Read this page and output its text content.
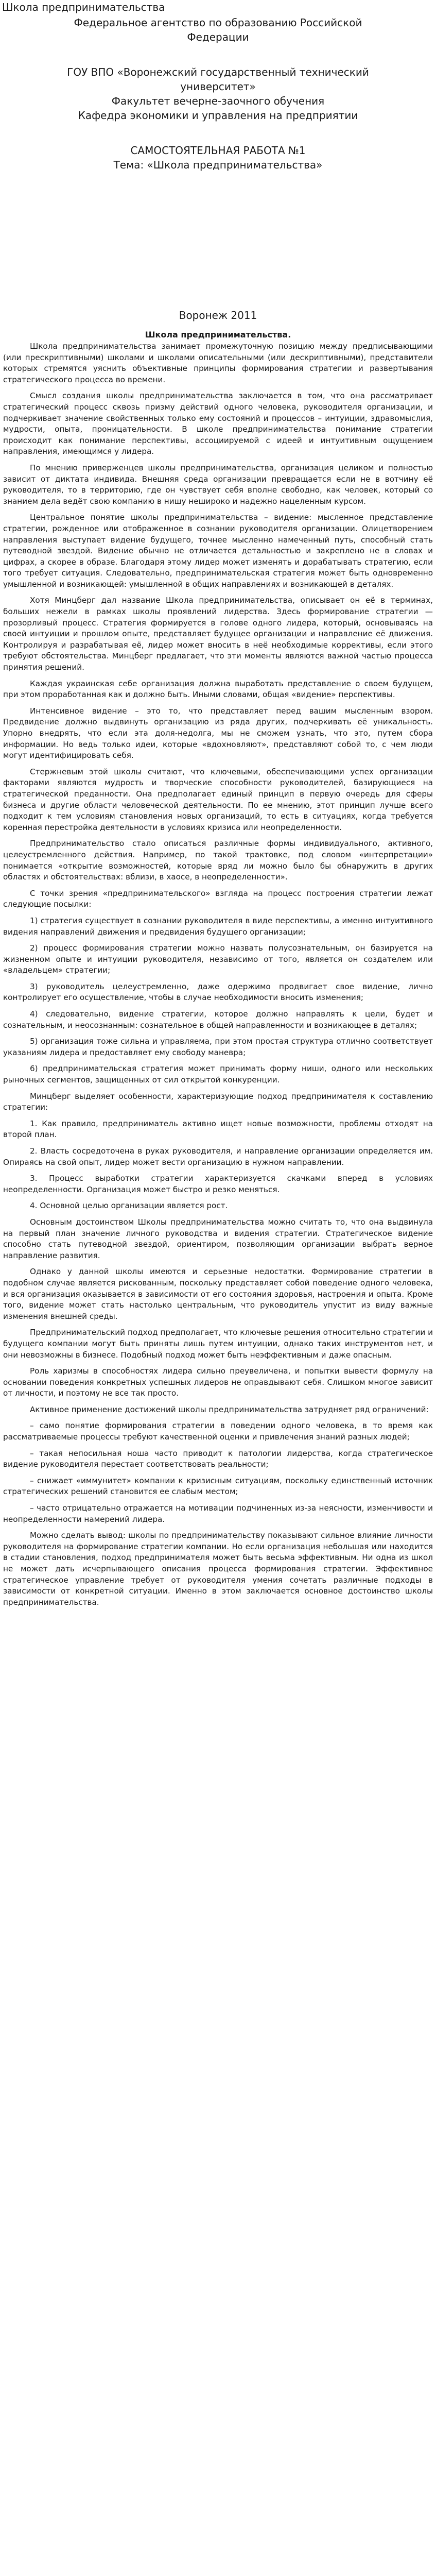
Школа предпринимательства
Федеральное агентство по образованию Российской
Федерации
ГОУ ВПО «Воронежский государственный технический
университет»
Факультет вечерне-заочного обучения
Кафедра экономики и управления на предприятии
САМОСТОЯТЕЛЬНАЯ РАБОТА №1
Тема: «Школа предпринимательства»
Воронеж 2011
Школа предпринимательства.

Школа предпринимательства занимает промежуточную позицию между предписывающими (или прескриптивными) школами и школами описательными (или дескриптивными), представители которых стремятся уяснить объективные принципы формирования стратегии и развертывания стратегического процесса во времени.

Смысл создания школы предпринимательства заключается в том, что она рассматривает стратегический процесс сквозь призму действий одного человека, руководителя организации, и подчеркивает значение свойственных только ему состояний и процессов – интуиции, здравомыслия, мудрости, опыта, проницательности. В школе предпринимательства понимание стратегии происходит как понимание перспективы, ассоциируемой с идеей и интуитивным ощущением направления, имеющимся у лидера.

По мнению приверженцев школы предпринимательства, организация целиком и полностью зависит от диктата индивида. Внешняя среда организации превращается если не в вотчину её руководителя, то в территорию, где он чувствует себя вполне свободно, как человек, который со знанием дела ведёт свою компанию в нишу нешироко и надежно нацеленным курсом.

Центральное понятие школы предпринимательства – видение: мысленное представление стратегии, рожденное или отображенное в сознании руководителя организации. Олицетворением направления выступает видение будущего, точнее мысленно намеченный путь, способный стать путеводной звездой. Видение обычно не отличается детальностью и закреплено не в словах и цифрах, а скорее в образе. Благодаря этому лидер может изменять и дорабатывать стратегию, если того требует ситуация. Следовательно, предпринимательская стратегия может быть одновременно умышленной и возникающей: умышленной в общих направлениях и возникающей в деталях.

Хотя Минцберг дал название Школа предпринимательства, описывает он её в терминах, больших нежели в рамках школы проявлений лидерства. Здесь формирование стратегии — прозорливый процесс. Стратегия формируется в голове одного лидера, который, основываясь на своей интуиции и прошлом опыте, представляет будущее организации и направление её движения. Контролируя и разрабатывая её, лидер может вносить в неё необходимые коррективы, если этого требуют обстоятельства. Минцберг предлагает, что эти моменты являются важной частью процесса принятия решений.

Каждая украинская себе организация должна выработать представление о своем будущем, при этом проработанная как и должно быть. Иными словами, общая «видение» перспективы.

Интенсивное видение – это то, что представляет перед вашим мысленным взором. Предвидение должно выдвинуть организацию из ряда других, подчеркивать её уникальность. Упорно внедрять, что если эта доля-недолга, мы не сможем узнать, что это, путем сбора информации. Но ведь только идеи, которые «вдохновляют», представляют собой то, с чем люди могут идентифицировать себя.

Стержневым этой школы считают, что ключевыми, обеспечивающими успех организации факторами являются мудрость и творческие способности руководителей, базирующиеся на стратегической преданности. Она предполагает единый принцип в первую очередь для сферы бизнеса и другие области человеческой деятельности. По ее мнению, этот принцип лучше всего подходит к тем условиям становления новых организаций, то есть в ситуациях, когда требуется коренная перестройка деятельности в условиях кризиса или неопределенности.

Предпринимательство стало описаться различные формы индивидуального, активного, целеустремленного действия. Например, по такой трактовке, под словом «интерпретации» понимается «открытие возможностей, которые вряд ли можно было бы обнаружить в других областях и обстоятельствах: вблизи, в хаосе, в неопределенности».

С точки зрения «предпринимательского» взгляда на процесс построения стратегии лежат следующие посылки:

1) стратегия существует в сознании руководителя в виде перспективы, а именно интуитивного видения направлений движения и предвидения будущего организации;

2) процесс формирования стратегии можно назвать полусознательным, он базируется на жизненном опыте и интуиции руководителя, независимо от того, является он создателем или «владельцем» стратегии;

3) руководитель целеустремленно, даже одержимо продвигает свое видение, лично контролирует его осуществление, чтобы в случае необходимости вносить изменения;

4) следовательно, видение стратегии, которое должно направлять к цели, будет и сознательным, и неосознанным: сознательное в общей направленности и возникающее в деталях;

5) организация тоже сильна и управляема, при этом простая структура отлично соответствует указаниям лидера и предоставляет ему свободу маневра;

6) предпринимательская стратегия может принимать форму ниши, одного или нескольких рыночных сегментов, защищенных от сил открытой конкуренции.

Минцберг выделяет особенности, характеризующие подход предпринимателя к составлению стратегии:

1. Как правило, предприниматель активно ищет новые возможности, проблемы отходят на второй план.

2. Власть сосредоточена в руках руководителя, и направление организации определяется им. Опираясь на свой опыт, лидер может вести организацию в нужном направлении.

3. Процесс выработки стратегии характеризуется скачками вперед в условиях неопределенности. Организация может быстро и резко меняться.

4. Основной целью организации является рост.

Основным достоинством Школы предпринимательства можно считать то, что она выдвинула на первый план значение личного руководства и видения стратегии. Стратегическое видение способно стать путеводной звездой, ориентиром, позволяющим организации выбрать верное направление развития.

Однако у данной школы имеются и серьезные недостатки. Формирование стратегии в подобном случае является рискованным, поскольку представляет собой поведение одного человека, и вся организация оказывается в зависимости от его состояния здоровья, настроения и опыта. Кроме того, видение может стать настолько центральным, что руководитель упустит из виду важные изменения внешней среды.

Предпринимательский подход предполагает, что ключевые решения относительно стратегии и будущего компании могут быть приняты лишь путем интуиции, однако таких инструментов нет, и они невозможны в бизнесе. Подобный подход может быть неэффективным и даже опасным.

Роль харизмы в способностях лидера сильно преувеличена, и попытки вывести формулу на основании поведения конкретных успешных лидеров не оправдывают себя. Слишком многое зависит от личности, и поэтому не все так просто.

Активное применение достижений школы предпринимательства затрудняет ряд ограничений:

– само понятие формирования стратегии в поведении одного человека, в то время как рассматриваемые процессы требуют качественной оценки и привлечения знаний разных людей;

– такая непосильная ноша часто приводит к патологии лидерства, когда стратегическое видение руководителя перестает соответствовать реальности;

– снижает «иммунитет» компании к кризисным ситуациям, поскольку единственный источник стратегических решений становится ее слабым местом;

– часто отрицательно отражается на мотивации подчиненных из-за неясности, изменчивости и неопределенности намерений лидера.

Можно сделать вывод: школы по предпринимательству показывают сильное влияние личности руководителя на формирование стратегии компании. Но если организация небольшая или находится в стадии становления, подход предпринимателя может быть весьма эффективным. Ни одна из школ не может дать исчерпывающего описания процесса формирования стратегии. Эффективное стратегическое управление требует от руководителя умения сочетать различные подходы в зависимости от конкретной ситуации. Именно в этом заключается основное достоинство школы предпринимательства.
